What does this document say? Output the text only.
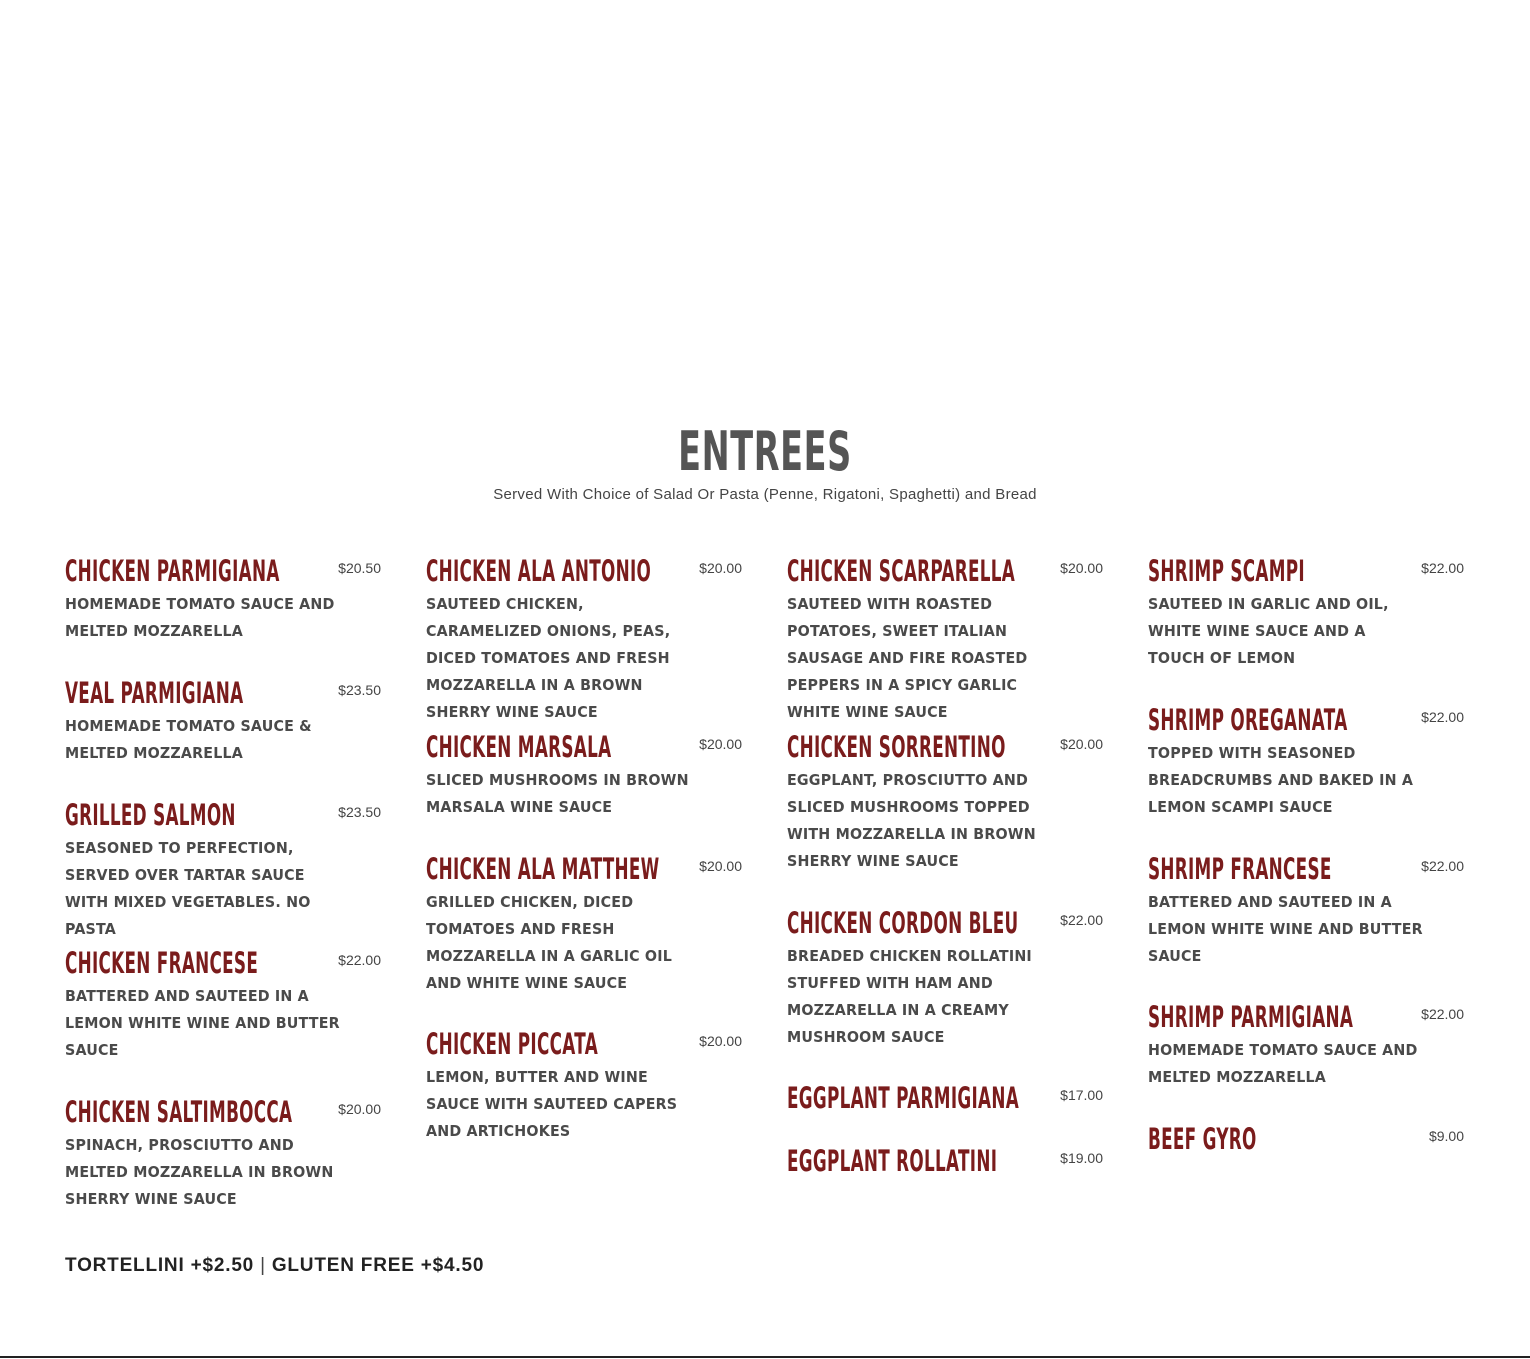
ENTREES
Served With Choice of Salad Or Pasta (Penne, Rigatoni, Spaghetti) and Bread
CHICKEN PARMIGIANA	$20.50
HOMEMADE TOMATO SAUCE AND MELTED MOZZARELLA
VEAL PARMIGIANA	$23.50
HOMEMADE TOMATO SAUCE & MELTED MOZZARELLA
GRILLED SALMON	$23.50
SEASONED TO PERFECTION, SERVED OVER TARTAR SAUCE WITH MIXED VEGETABLES. NO PASTA
CHICKEN FRANCESE	$22.00
BATTERED AND SAUTEED IN A LEMON WHITE WINE AND BUTTER SAUCE
CHICKEN SALTIMBOCCA	$20.00
SPINACH, PROSCIUTTO AND MELTED MOZZARELLA IN BROWN SHERRY WINE SAUCE
CHICKEN ALA ANTONIO	$20.00
SAUTEED CHICKEN, CARAMELIZED ONIONS, PEAS, DICED TOMATOES AND FRESH MOZZARELLA IN A BROWN SHERRY WINE SAUCE
CHICKEN MARSALA	$20.00
SLICED MUSHROOMS IN BROWN MARSALA WINE SAUCE
CHICKEN ALA MATTHEW	$20.00
GRILLED CHICKEN, DICED TOMATOES AND FRESH MOZZARELLA IN A GARLIC OIL AND WHITE WINE SAUCE
CHICKEN PICCATA	$20.00
LEMON, BUTTER AND WINE SAUCE WITH SAUTEED CAPERS AND ARTICHOKES
CHICKEN SCARPARELLA	$20.00
SAUTEED WITH ROASTED POTATOES, SWEET ITALIAN SAUSAGE AND FIRE ROASTED PEPPERS IN A SPICY GARLIC WHITE WINE SAUCE
CHICKEN SORRENTINO	$20.00
EGGPLANT, PROSCIUTTO AND SLICED MUSHROOMS TOPPED WITH MOZZARELLA IN BROWN SHERRY WINE SAUCE
CHICKEN CORDON BLEU	$22.00
BREADED CHICKEN ROLLATINI STUFFED WITH HAM AND MOZZARELLA IN A CREAMY MUSHROOM SAUCE
EGGPLANT PARMIGIANA	$17.00
EGGPLANT ROLLATINI	$19.00
SHRIMP SCAMPI	$22.00
SAUTEED IN GARLIC AND OIL, WHITE WINE SAUCE AND A TOUCH OF LEMON
SHRIMP OREGANATA	$22.00
TOPPED WITH SEASONED BREADCRUMBS AND BAKED IN A LEMON SCAMPI SAUCE
SHRIMP FRANCESE	$22.00
BATTERED AND SAUTEED IN A LEMON WHITE WINE AND BUTTER SAUCE
SHRIMP PARMIGIANA	$22.00
HOMEMADE TOMATO SAUCE AND MELTED MOZZARELLA
BEEF GYRO	$9.00
TORTELLINI +$2.50 | GLUTEN FREE +$4.50
